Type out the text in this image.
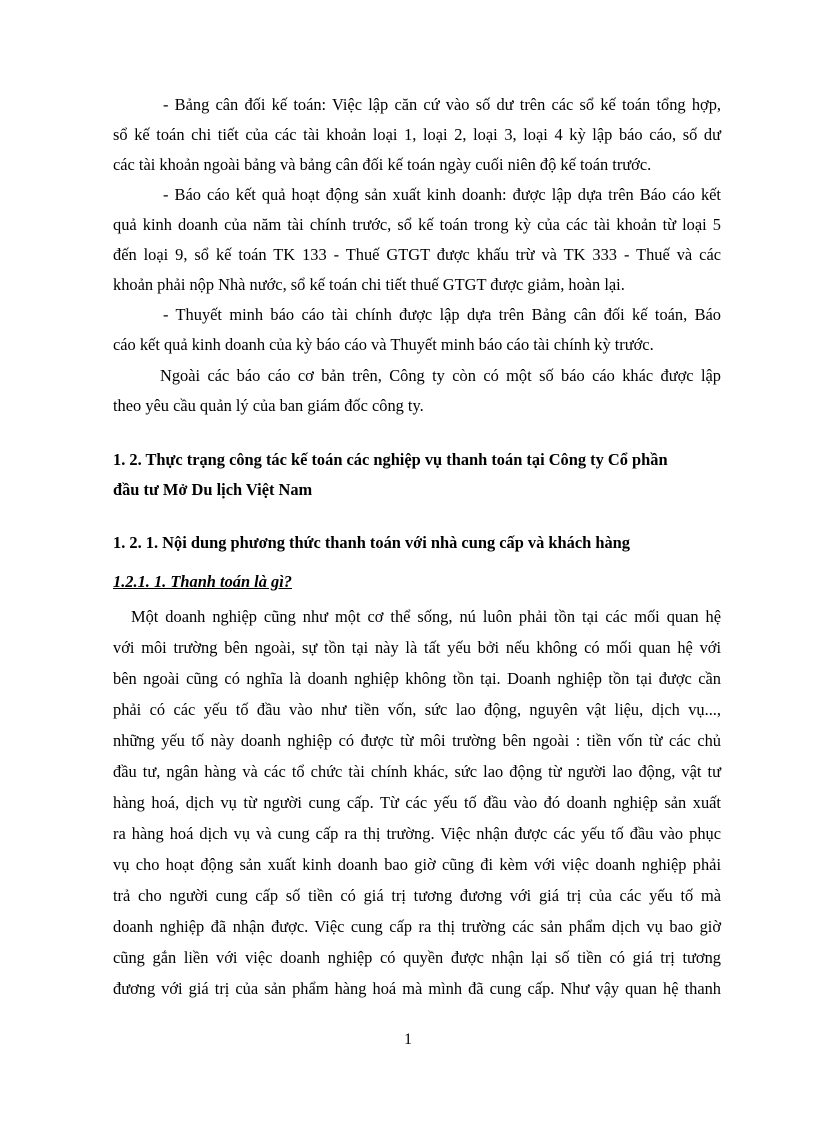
- Bảng cân đối kế toán: Việc lập căn cứ vào số dư trên các sổ kế toán tổng hợp,
sổ kế toán chi tiết của các tài khoản loại 1, loại 2, loại 3, loại 4 kỳ lập báo cáo, số dư
các tài khoản ngoài bảng và bảng cân đối kế toán ngày cuối niên độ kế toán trước.
- Báo cáo kết quả hoạt động sản xuất kinh doanh: được lập dựa trên Báo cáo kết
quả kinh doanh của năm tài chính trước, sổ kế toán trong kỳ của các tài khoản từ loại 5
đến loại 9, sổ kế toán TK 133 - Thuế GTGT được khấu trừ và TK 333 - Thuế và các
khoản phải nộp Nhà nước, sổ kế toán chi tiết thuế GTGT được giảm, hoàn lại.
- Thuyết minh báo cáo tài chính được lập dựa trên Bảng cân đối kế toán, Báo
cáo kết quả kinh doanh của kỳ báo cáo và Thuyết minh báo cáo tài chính kỳ trước.
Ngoài các báo cáo cơ bản trên, Công ty còn có một số báo cáo khác được lập
theo yêu cầu quản lý của ban giám đốc công ty.
1. 2. Thực trạng công tác kế toán các nghiệp vụ thanh toán tại Công ty Cổ phần
đầu tư Mở Du lịch Việt Nam
1. 2. 1. Nội dung phương thức thanh toán với nhà cung cấp và khách hàng
1.2.1. 1. Thanh toán là gì?
Một doanh nghiệp cũng như một cơ thể sống, nú luôn phải tồn tại các mối quan hệ
với môi trường bên ngoài, sự tồn tại này là tất yếu bởi nếu không có mối quan hệ với
bên ngoài cũng có nghĩa là doanh nghiệp không tồn tại. Doanh nghiệp tồn tại được cần
phải có các yếu tố đầu vào như tiền vốn, sức lao động, nguyên vật liệu, dịch vụ...,
những yếu tố này doanh nghiệp có được từ môi trường bên ngoài : tiền vốn từ các chủ
đầu tư, ngân hàng và các tổ chức tài chính khác, sức lao động từ người lao động, vật tư
hàng hoá, dịch vụ từ người cung cấp. Từ các yếu tố đầu vào đó doanh nghiệp sản xuất
ra hàng hoá dịch vụ và cung cấp ra thị trường. Việc nhận được các yếu tố đầu vào phục
vụ cho hoạt động sản xuất kinh doanh bao giờ cũng đi kèm với việc doanh nghiệp phải
trả cho người cung cấp số tiền có giá trị tương đương với giá trị của các yếu tố mà
doanh nghiệp đã nhận được. Việc cung cấp ra thị trường các sản phẩm dịch vụ bao giờ
cũng gắn liền với việc doanh nghiệp có quyền được nhận lại số tiền có giá trị tương
đương với giá trị của sản phẩm hàng hoá mà mình đã cung cấp. Như vậy quan hệ thanh
1
